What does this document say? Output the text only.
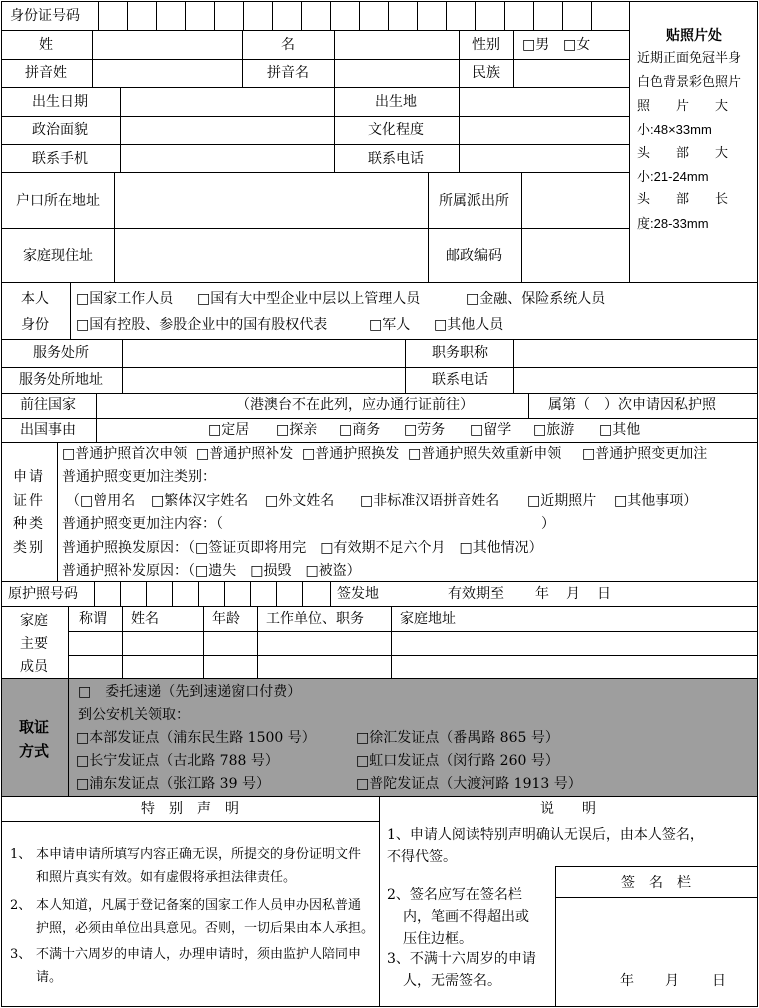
身份证号码
贴照片处
近期正面免冠半身
白色背景彩色照片
照　　片　　大
小:48×33mm
头　　部　　大
小:21-24mm
头　　部　　长
度:28-33mm
姓	名	性别 □男 □女
拼音姓	拼音名	民族
出生日期	出生地
政治面貌	文化程度
联系手机	联系电话
户口所在地址	所属派出所
家庭现住址	邮政编码
本人
身份
□国家工作人员 □国有大中型企业中层以上管理人员	□金融、保险系统人员
□国有控股、参股企业中的国有股权代表	□军人 □其他人员
服务处所	职务职称
服务处所地址	联系电话
前往国家	（港澳台不在此列，应办通行证前往）	属第（　）次申请因私护照
出国事由	□定居 □探亲 □商务 □劳务 □留学 □旅游 □其他
申 请
证 件
种 类
类 别
□普通护照首次申领 □普通护照补发 □普通护照换发 □普通护照失效重新申领 □普通护照变更加注
普通护照变更加注类别：
（□曾用名 □繁体汉字姓名 □外文姓名 □非标准汉语拼音姓名 □近期照片 □其他事项）
普通护照变更加注内容：（	）
普通护照换发原因：（□签证页即将用完　□有效期不足六个月　□其他情况）
普通护照补发原因：（□遗失　□损毁　□被盗）
原护照号码	签发地	有效期至 年 月 日
家庭
主要
成员
称谓 姓名	年龄 工作单位、职务	家庭地址
取证
方式
□　委托速递（先到速递窗口付费）
到公安机关领取：
□本部发证点（浦东民生路 1500 号）
□长宁发证点（古北路 788 号）
□浦东发证点（张江路 39 号）
□徐汇发证点（番禺路 865 号）
□虹口发证点（闵行路 260 号）
□普陀发证点（大渡河路 1913 号）
特　别　声　明	说　　明
1、 本申请申请所填写内容正确无误，所提交的身份证明文件
和照片真实有效。如有虚假将承担法律责任。
2、 本人知道，凡属于登记备案的国家工作人员申办因私普通
护照，必须由单位出具意见。否则，一切后果由本人承担。
3、 不满十六周岁的申请人，办理申请时，须由监护人陪同申
请。
1、申请人阅读特别声明确认无误后，由本人签名，
不得代签。
2、签名应写在签名栏
内，笔画不得超出或
压住边框。
3、不满十六周岁的申请
人，无需签名。
签　名　栏
年 月 日
